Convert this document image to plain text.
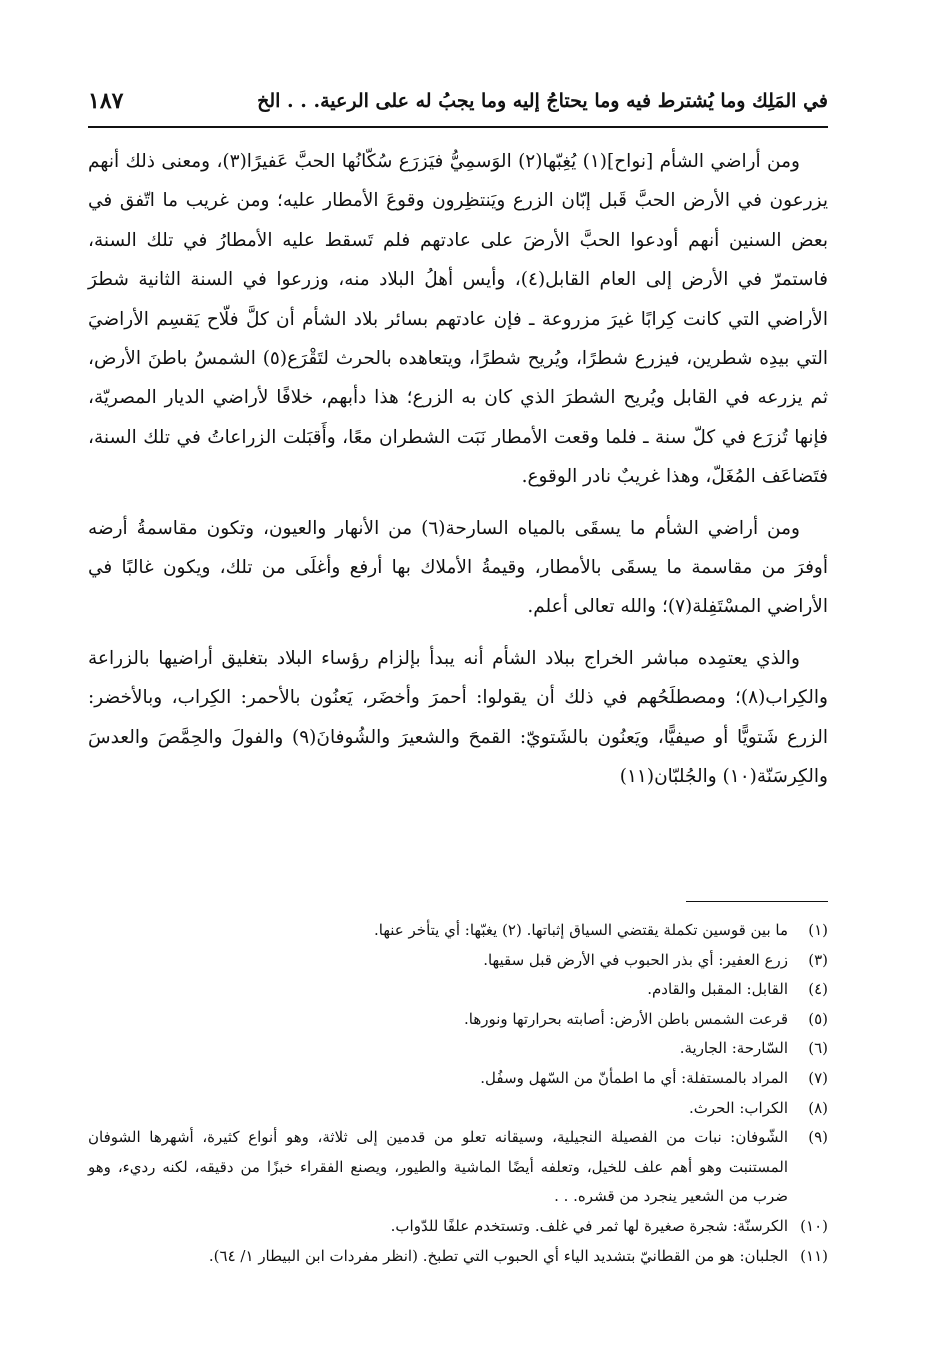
في المَلِك وما يُشترط فيه وما يحتاجُ إليه وما يجبُ له على الرعية. . . الخ
١٨٧

ومن أراضي الشأم [نواح](١) يُغِبّها(٢) الوَسمِيُّ فيَزرَع سُكّانُها الحبَّ عَفيرًا(٣)، ومعنى ذلك أنهم يزرعون في الأرض الحبَّ قَبل إبّان الزرع ويَنتظِرون وقوعَ الأمطار عليه؛ ومن غريب ما اتّفق في بعض السنين أنهم أودعوا الحبَّ الأرضَ على عادتهم فلم تَسقط عليه الأمطارُ في تلك السنة، فاستمرّ في الأرض إلى العام القابل(٤)، وأيس أهلُ البلاد منه، وزرعوا في السنة الثانية شطرَ الأراضي التي كانت كِرابًا غيرَ مزروعة ـ فإن عادتهم بسائر بلاد الشأم أن كلَّ فلّاح يَقسِم الأراضيَ التي بيدِه شطرين، فيزرع شطرًا، ويُريح شطرًا، ويتعاهده بالحرث لتَقْرَع(٥) الشمسُ باطنَ الأرض، ثم يزرعه في القابل ويُريح الشطرَ الذي كان به الزرع؛ هذا دأبهم، خلافًا لأراضي الديار المصريّة، فإنها تُزرَع في كلّ سنة ـ فلما وقعت الأمطار نَبَت الشطران معًا، وأَقبَلت الزراعاتُ في تلك السنة، فتَضاعَف المُغَلّ، وهذا غريبٌ نادر الوقوع.

ومن أراضي الشأم ما يسقَى بالمياه السارحة(٦) من الأنهار والعيون، وتكون مقاسمةُ أرضه أوفرَ من مقاسمة ما يسقَى بالأمطار، وقيمةُ الأملاك بها أرفع وأغلَى من تلك، ويكون غالبًا في الأراضي المسْتَفِلة(٧)؛ والله تعالى أعلم.

والذي يعتمِده مباشر الخراج ببلاد الشأم أنه يبدأ بإلزام رؤساء البلاد بتغليق أراضيها بالزراعة والكِراب(٨)؛ ومصطلَحُهم في ذلك أن يقولوا: أحمرَ وأخضَر، يَعنُون بالأحمر: الكِراب، وبالأخضر: الزرع شَتويًّا أو صيفيًّا، ويَعنُون بالشَتويّ: القمحَ والشعيرَ والشُوفانَ(٩) والفولَ والحِمَّصَ والعدسَ والكِرسَنّة(١٠) والجُلبّان(١١)

(١)
ما بين قوسين تكملة يقتضي السياق إثباتها. (٢) يغبّها: أي يتأخر عنها.
(٣)
زرع العفير: أي بذر الحبوب في الأرض قبل سقيها.
(٤)
القابل: المقبل والقادم.
(٥)
قرعت الشمس باطن الأرض: أصابته بحرارتها ونورها.
(٦)
السّارحة: الجارية.
(٧)
المراد بالمستفلة: أي ما اطمأنّ من السّهل وسفُل.
(٨)
الكراب: الحرث.
(٩)
الشّوفان: نبات من الفصيلة النجيلية، وسيقانه تعلو من قدمين إلى ثلاثة، وهو أنواع كثيرة، أشهرها الشوفان المستنبت وهو أهم علف للخيل، وتعلفه أيضًا الماشية والطيور، ويصنع الفقراء خبزًا من دقيقه، لكنه رديء، وهو ضرب من الشعير ينجرد من قشره. . .
(١٠)
الكرسنّة: شجرة صغيرة لها ثمر في غلف. وتستخدم علفًا للدّواب.
(١١)
الجلبان: هو من القطانيّ بتشديد الياء أي الحبوب التي تطبخ. (انظر مفردات ابن البيطار ١/ ٦٤).
